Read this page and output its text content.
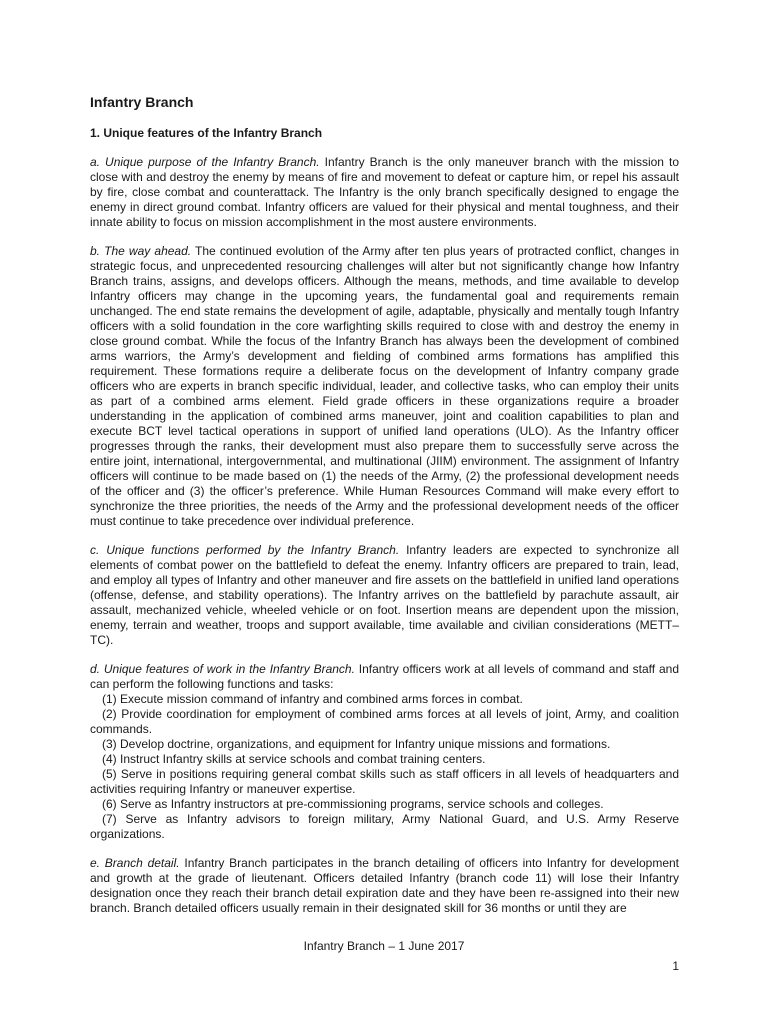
Infantry Branch
1. Unique features of the Infantry Branch

a. Unique purpose of the Infantry Branch. Infantry Branch is the only maneuver branch with the mission to close with and destroy the enemy by means of fire and movement to defeat or capture him, or repel his assault by fire, close combat and counterattack. The Infantry is the only branch specifically designed to engage the enemy in direct ground combat. Infantry officers are valued for their physical and mental toughness, and their innate ability to focus on mission accomplishment in the most austere environments.

b. The way ahead. The continued evolution of the Army after ten plus years of protracted conflict, changes in strategic focus, and unprecedented resourcing challenges will alter but not significantly change how Infantry Branch trains, assigns, and develops officers. Although the means, methods, and time available to develop Infantry officers may change in the upcoming years, the fundamental goal and requirements remain unchanged. The end state remains the development of agile, adaptable, physically and mentally tough Infantry officers with a solid foundation in the core warfighting skills required to close with and destroy the enemy in close ground combat. While the focus of the Infantry Branch has always been the development of combined arms warriors, the Army’s development and fielding of combined arms formations has amplified this requirement. These formations require a deliberate focus on the development of Infantry company grade officers who are experts in branch specific individual, leader, and collective tasks, who can employ their units as part of a combined arms element. Field grade officers in these organizations require a broader understanding in the application of combined arms maneuver, joint and coalition capabilities to plan and execute BCT level tactical operations in support of unified land operations (ULO). As the Infantry officer progresses through the ranks, their development must also prepare them to successfully serve across the entire joint, international, intergovernmental, and multinational (JIIM) environment. The assignment of Infantry officers will continue to be made based on (1) the needs of the Army, (2) the professional development needs of the officer and (3) the officer’s preference. While Human Resources Command will make every effort to synchronize the three priorities, the needs of the Army and the professional development needs of the officer must continue to take precedence over individual preference.

c. Unique functions performed by the Infantry Branch. Infantry leaders are expected to synchronize all elements of combat power on the battlefield to defeat the enemy. Infantry officers are prepared to train, lead, and employ all types of Infantry and other maneuver and fire assets on the battlefield in unified land operations (offense, defense, and stability operations). The Infantry arrives on the battlefield by parachute assault, air assault, mechanized vehicle, wheeled vehicle or on foot. Insertion means are dependent upon the mission, enemy, terrain and weather, troops and support available, time available and civilian considerations (METT–TC).

d. Unique features of work in the Infantry Branch. Infantry officers work at all levels of command and staff and can perform the following functions and tasks:
(1) Execute mission command of infantry and combined arms forces in combat.
(2) Provide coordination for employment of combined arms forces at all levels of joint, Army, and coalition commands.
(3) Develop doctrine, organizations, and equipment for Infantry unique missions and formations.
(4) Instruct Infantry skills at service schools and combat training centers.
(5) Serve in positions requiring general combat skills such as staff officers in all levels of headquarters and activities requiring Infantry or maneuver expertise.
(6) Serve as Infantry instructors at pre-commissioning programs, service schools and colleges.
(7) Serve as Infantry advisors to foreign military, Army National Guard, and U.S. Army Reserve organizations.

e. Branch detail. Infantry Branch participates in the branch detailing of officers into Infantry for development and growth at the grade of lieutenant. Officers detailed Infantry (branch code 11) will lose their Infantry designation once they reach their branch detail expiration date and they have been re-assigned into their new branch. Branch detailed officers usually remain in their designated skill for 36 months or until they are

Infantry Branch – 1 June 2017
1
